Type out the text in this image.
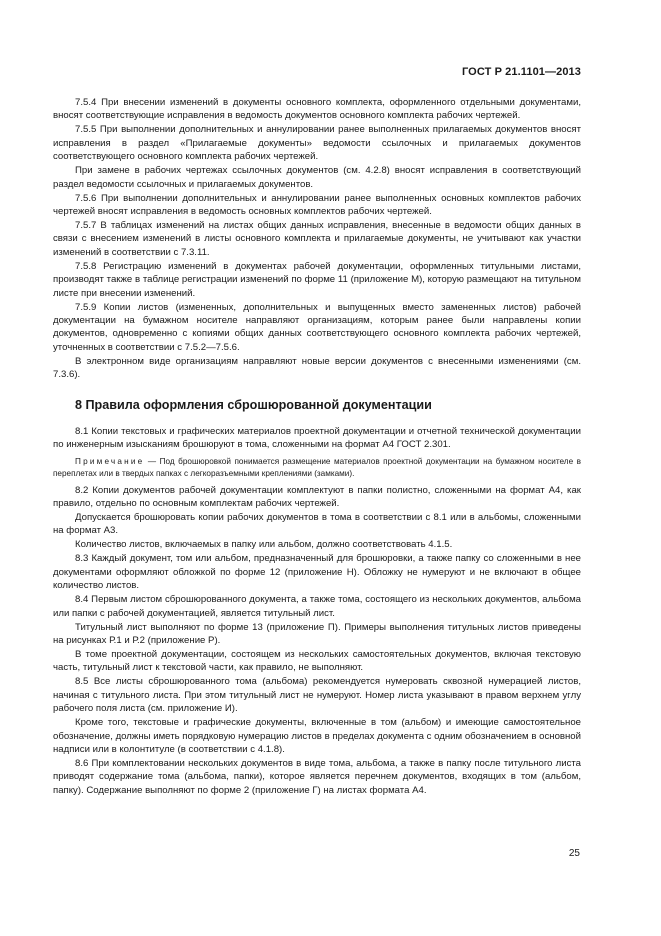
ГОСТ Р 21.1101—2013

7.5.4 При внесении изменений в документы основного комплекта, оформленного отдельными документами, вносят соответствующие исправления в ведомость документов основного комплекта рабочих чертежей.

7.5.5 При выполнении дополнительных и аннулировании ранее выполненных прилагаемых документов вносят исправления в раздел «Прилагаемые документы» ведомости ссылочных и прилагаемых документов соответствующего основного комплекта рабочих чертежей.

При замене в рабочих чертежах ссылочных документов (см. 4.2.8) вносят исправления в соответствующий раздел ведомости ссылочных и прилагаемых документов.

7.5.6 При выполнении дополнительных и аннулировании ранее выполненных основных комплектов рабочих чертежей вносят исправления в ведомость основных комплектов рабочих чертежей.

7.5.7 В таблицах изменений на листах общих данных исправления, внесенные в ведомости общих данных в связи с внесением изменений в листы основного комплекта и прилагаемые документы, не учитывают как участки изменений в соответствии с 7.3.11.

7.5.8 Регистрацию изменений в документах рабочей документации, оформленных титульными листами, производят также в таблице регистрации изменений по форме 11 (приложение М), которую размещают на титульном листе при внесении изменений.

7.5.9 Копии листов (измененных, дополнительных и выпущенных вместо замененных листов) рабочей документации на бумажном носителе направляют организациям, которым ранее были направлены копии документов, одновременно с копиями общих данных соответствующего основного комплекта рабочих чертежей, уточненных в соответствии с 7.5.2—7.5.6.

В электронном виде организациям направляют новые версии документов с внесенными изменениями (см. 7.3.6).

8 Правила оформления сброшюрованной документации

8.1 Копии текстовых и графических материалов проектной документации и отчетной технической документации по инженерным изысканиям брошюруют в тома, сложенными на формат А4 ГОСТ 2.301.

Примечание — Под брошюровкой понимается размещение материалов проектной документации на бумажном носителе в переплетах или в твердых папках с легкоразъемными креплениями (замками).

8.2 Копии документов рабочей документации комплектуют в папки полистно, сложенными на формат А4, как правило, отдельно по основным комплектам рабочих чертежей.

Допускается брошюровать копии рабочих документов в тома в соответствии с 8.1 или в альбомы, сложенными на формат А3.

Количество листов, включаемых в папку или альбом, должно соответствовать 4.1.5.

8.3 Каждый документ, том или альбом, предназначенный для брошюровки, а также папку со сложенными в нее документами оформляют обложкой по форме 12 (приложение Н). Обложку не нумеруют и не включают в общее количество листов.

8.4 Первым листом сброшюрованного документа, а также тома, состоящего из нескольких документов, альбома или папки с рабочей документацией, является титульный лист.

Титульный лист выполняют по форме 13 (приложение П). Примеры выполнения титульных листов приведены на рисунках Р.1 и Р.2 (приложение Р).

В томе проектной документации, состоящем из нескольких самостоятельных документов, включая текстовую часть, титульный лист к текстовой части, как правило, не выполняют.

8.5 Все листы сброшюрованного тома (альбома) рекомендуется нумеровать сквозной нумерацией листов, начиная с титульного листа. При этом титульный лист не нумеруют. Номер листа указывают в правом верхнем углу рабочего поля листа (см. приложение И).

Кроме того, текстовые и графические документы, включенные в том (альбом) и имеющие самостоятельное обозначение, должны иметь порядковую нумерацию листов в пределах документа с одним обозначением в основной надписи или в колонтитуле (в соответствии с 4.1.8).

8.6 При комплектовании нескольких документов в виде тома, альбома, а также в папку после титульного листа приводят содержание тома (альбома, папки), которое является перечнем документов, входящих в том (альбом, папку). Содержание выполняют по форме 2 (приложение Г) на листах формата А4.

25
